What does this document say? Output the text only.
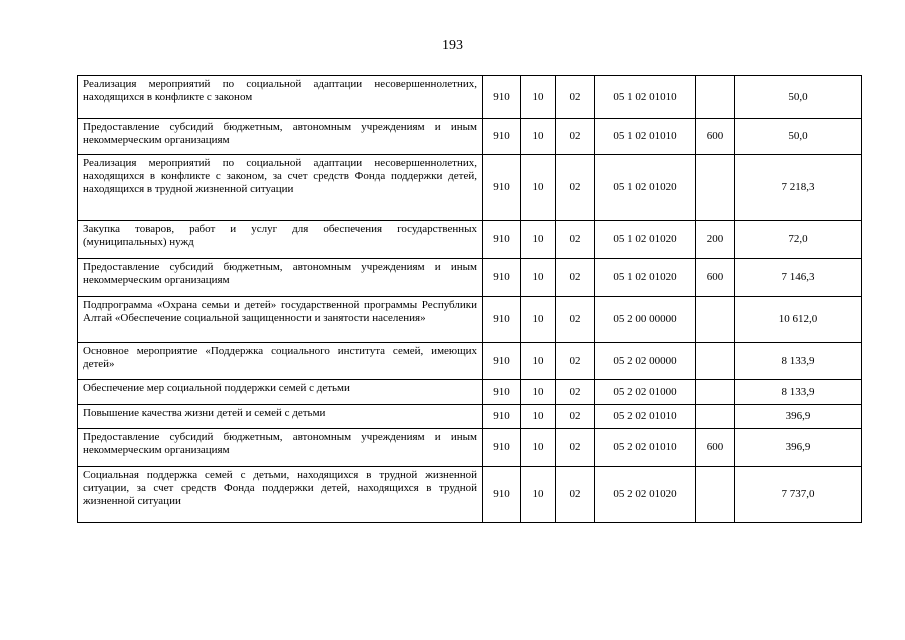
193
Реализация мероприятий по социальной адаптации несовершеннолетних, находящихся в конфликте с законом	910	10	02	05 1 02 01010		50,0
Предоставление субсидий бюджетным, автономным учреждениям и иным некоммерческим организациям	910	10	02	05 1 02 01010	600	50,0
Реализация мероприятий по социальной адаптации несовершеннолетних, находящихся в конфликте с законом, за счет средств Фонда поддержки детей, находящихся в трудной жизненной ситуации	910	10	02	05 1 02 01020		7 218,3
Закупка товаров, работ и услуг для обеспечения государственных (муниципальных) нужд	910	10	02	05 1 02 01020	200	72,0
Предоставление субсидий бюджетным, автономным учреждениям и иным некоммерческим организациям	910	10	02	05 1 02 01020	600	7 146,3
Подпрограмма «Охрана семьи и детей» государственной программы Республики Алтай «Обеспечение социальной защищенности и занятости населения»	910	10	02	05 2 00 00000		10 612,0
Основное мероприятие «Поддержка социального института семей, имеющих детей»	910	10	02	05 2 02 00000		8 133,9
Обеспечение мер социальной поддержки семей с детьми	910	10	02	05 2 02 01000		8 133,9
Повышение качества жизни детей и семей с детьми	910	10	02	05 2 02 01010		396,9
Предоставление субсидий бюджетным, автономным учреждениям и иным некоммерческим организациям	910	10	02	05 2 02 01010	600	396,9
Социальная поддержка семей с детьми, находящихся в трудной жизненной ситуации, за счет средств Фонда поддержки детей, находящихся в трудной жизненной ситуации	910	10	02	05 2 02 01020		7 737,0
